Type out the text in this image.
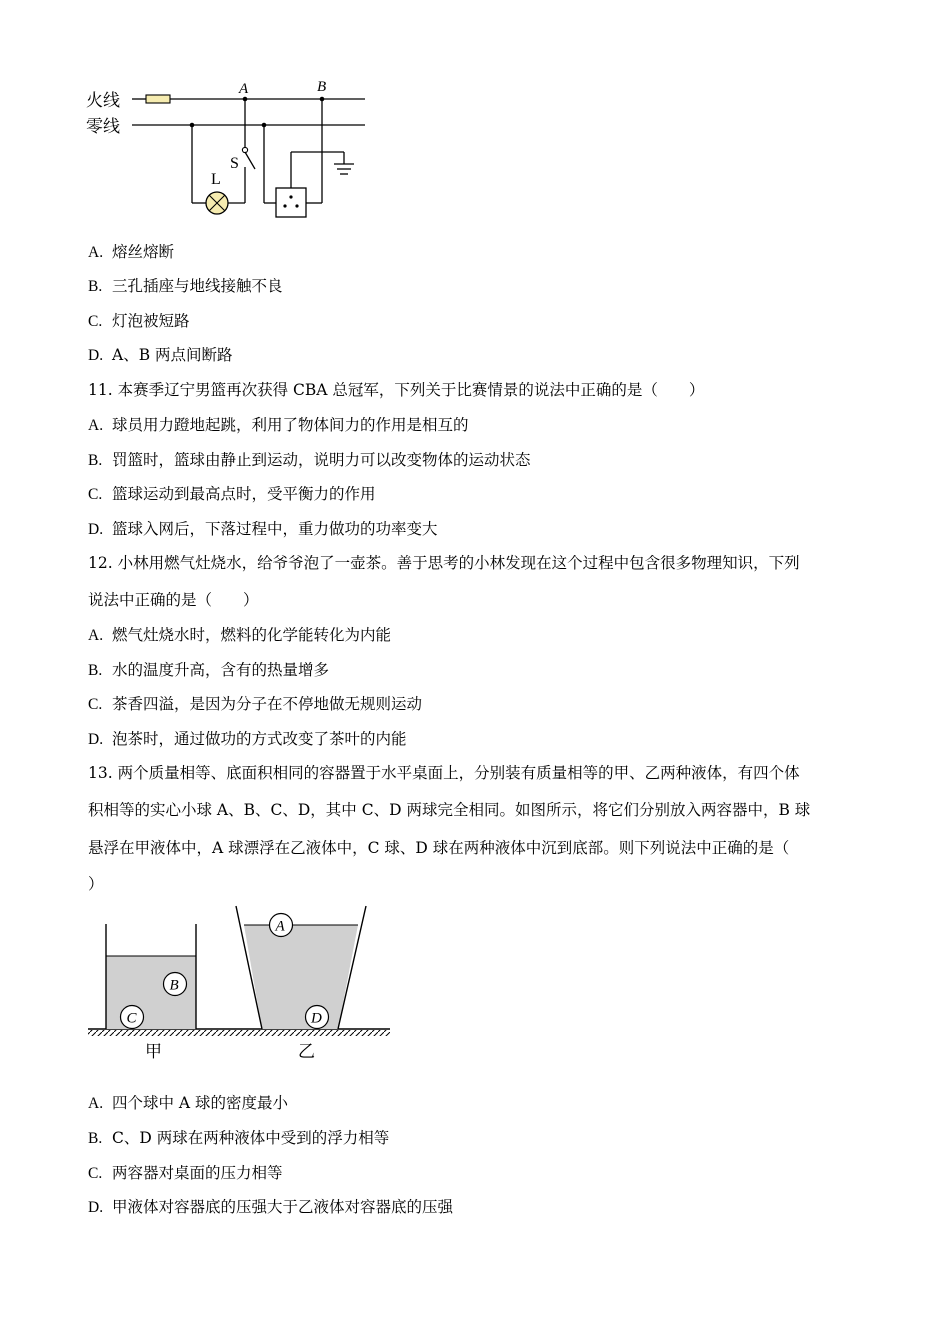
火线
零线
A	B
L
S
A. 熔丝熔断
B. 三孔插座与地线接触不良
C. 灯泡被短路
D. A、B 两点间断路
11. 本赛季辽宁男篮再次获得 CBA 总冠军，下列关于比赛情景的说法中正确的是（　　）
A. 球员用力蹬地起跳，利用了物体间力的作用是相互的
B. 罚篮时，篮球由静止到运动，说明力可以改变物体的运动状态
C. 篮球运动到最高点时，受平衡力的作用
D. 篮球入网后，下落过程中，重力做功的功率变大
12. 小林用燃气灶烧水，给爷爷泡了一壶茶。善于思考的小林发现在这个过程中包含很多物理知识，下列
说法中正确的是（　　）
A. 燃气灶烧水时，燃料的化学能转化为内能
B. 水的温度升高，含有的热量增多
C. 茶香四溢，是因为分子在不停地做无规则运动
D. 泡茶时，通过做功的方式改变了茶叶的内能
13. 两个质量相等、底面积相同的容器置于水平桌面上，分别装有质量相等的甲、乙两种液体，有四个体
积相等的实心小球 A、B、C、D，其中 C、D 两球完全相同。如图所示，将它们分别放入两容器中，B 球
悬浮在甲液体中，A 球漂浮在乙液体中，C 球、D 球在两种液体中沉到底部。则下列说法中正确的是（
）
B
C
甲
A
D
乙
A. 四个球中 A 球的密度最小
B. C、D 两球在两种液体中受到的浮力相等
C. 两容器对桌面的压力相等
D. 甲液体对容器底的压强大于乙液体对容器底的压强
